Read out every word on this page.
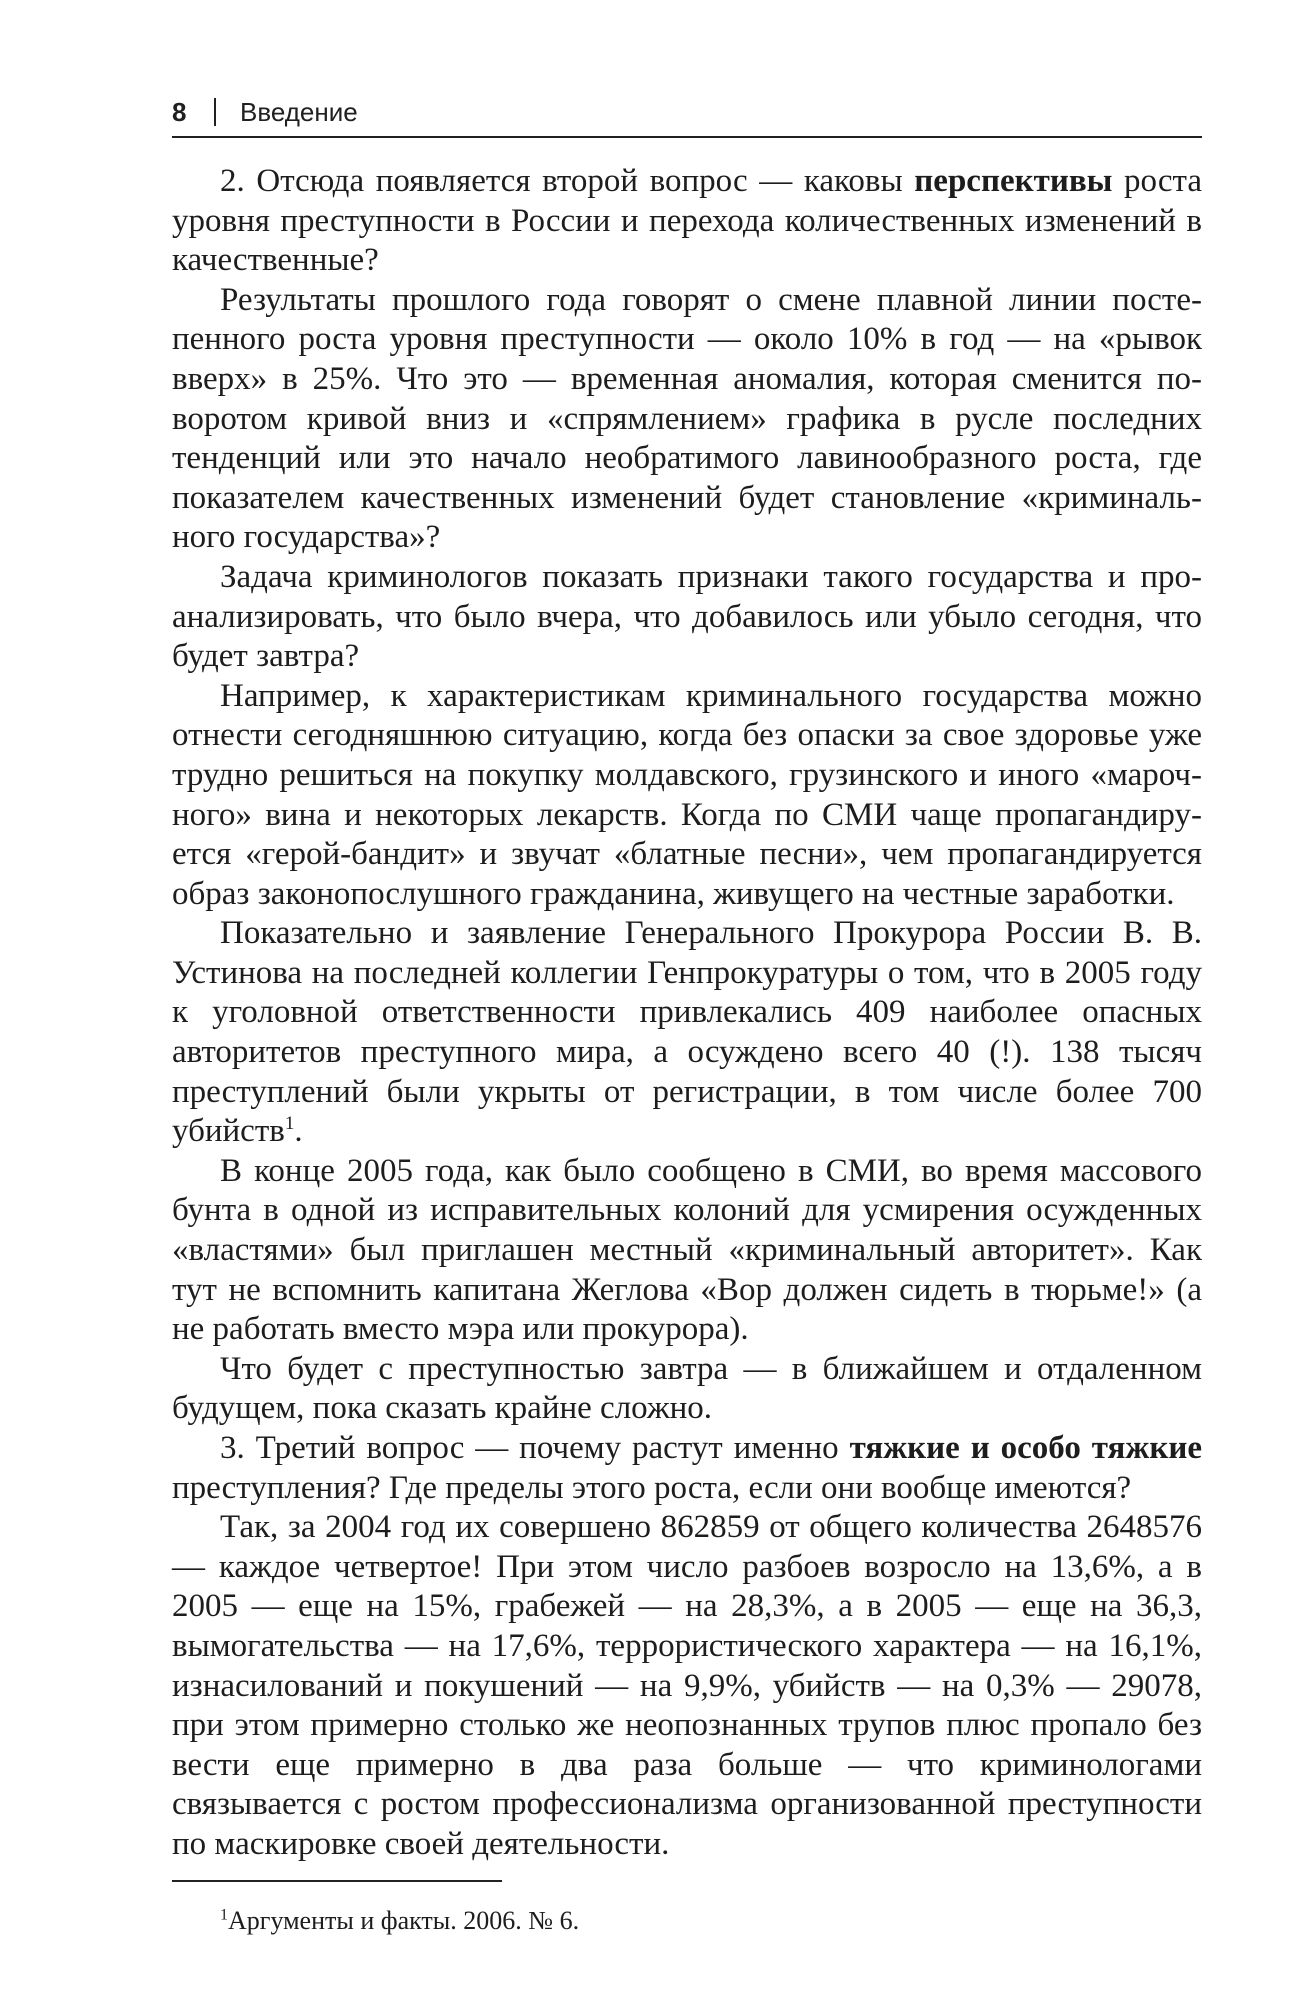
8 Введение

2. Отсюда появляется второй вопрос — каковы перспективы роста уровня преступности в России и перехода количественных изменений в качественные?

Результаты прошлого года говорят о смене плавной линии постепенного роста уровня преступности — около 10% в год — на «рывок вверх» в 25%. Что это — временная аномалия, которая сменится поворотом кривой вниз и «спрямлением» графика в русле последних тенденций или это начало необратимого лавинообразного роста, где показателем качественных изменений будет становление «криминального государства»?

Задача криминологов показать признаки такого государства и проанализировать, что было вчера, что добавилось или убыло сегодня, что будет завтра?

Например, к характеристикам криминального государства можно отнести сегодняшнюю ситуацию, когда без опаски за свое здоровье уже трудно решиться на покупку молдавского, грузинского и иного «марочного» вина и некоторых лекарств. Когда по СМИ чаще пропагандируется «герой-бандит» и звучат «блатные песни», чем пропагандируется образ законопослушного гражданина, живущего на честные заработки.

Показательно и заявление Генерального Прокурора России В. В. Устинова на последней коллегии Генпрокуратуры о том, что в 2005 году к уголовной ответственности привлекались 409 наиболее опасных авторитетов преступного мира, а осуждено всего 40 (!). 138 тысяч преступлений были укрыты от регистрации, в том числе более 700 убийств$^1$.

В конце 2005 года, как было сообщено в СМИ, во время массового бунта в одной из исправительных колоний для усмирения осужденных «властями» был приглашен местный «криминальный авторитет». Как тут не вспомнить капитана Жеглова «Вор должен сидеть в тюрьме!» (а не работать вместо мэра или прокурора).

Что будет с преступностью завтра — в ближайшем и отдаленном будущем, пока сказать крайне сложно.

3. Третий вопрос — почему растут именно тяжкие и особо тяжкие преступления? Где пределы этого роста, если они вообще имеются?

Так, за 2004 год их совершено 862859 от общего количества 2648576 — каждое четвертое! При этом число разбоев возросло на 13,6%, а в 2005 — еще на 15%, грабежей — на 28,3%, а в 2005 — еще на 36,3, вымогательства — на 17,6%, террористического характера — на 16,1%, изнасилований и покушений — на 9,9%, убийств — на 0,3% — 29078, при этом примерно столько же неопознанных трупов плюс пропало без вести еще примерно в два раза больше — что криминологами связывается с ростом профессионализма организованной преступности по маскировке своей деятельности.

$^1$Аргументы и факты. 2006. № 6.
